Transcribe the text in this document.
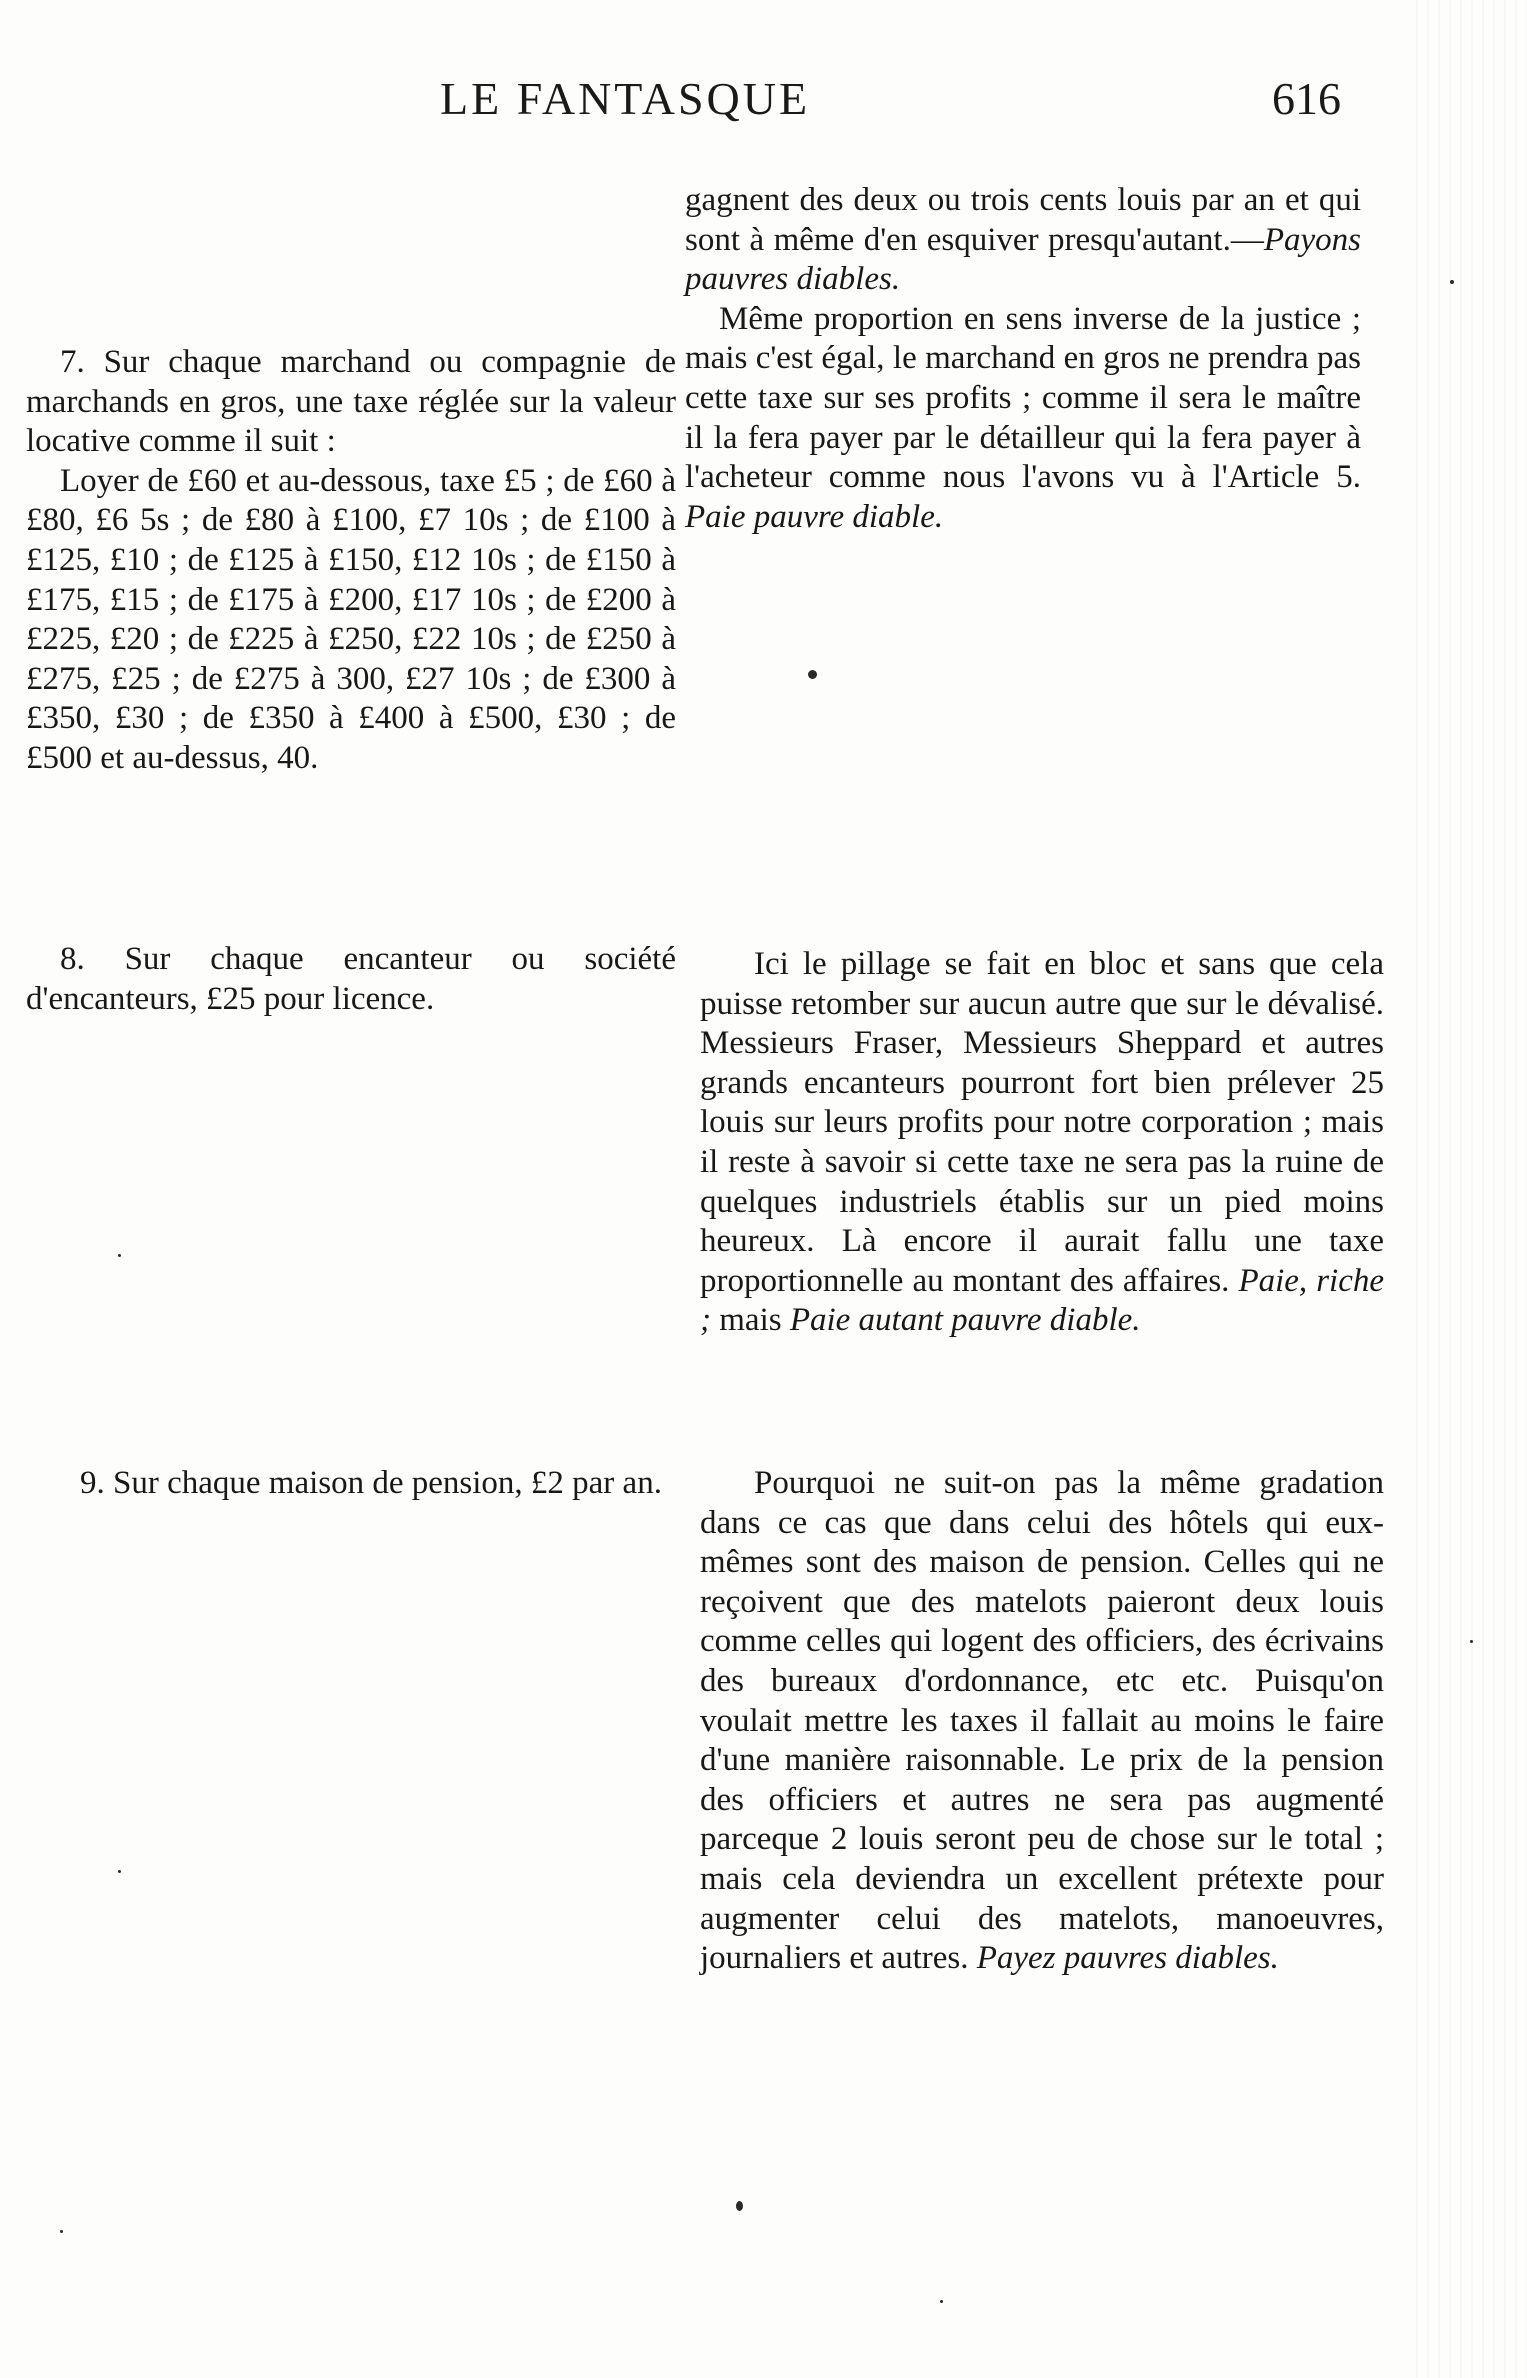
LE FANTASQUE	616

7. Sur chaque marchand ou compagnie de marchands en gros, une taxe réglée sur la valeur locative comme il suit :

Loyer de £60 et au-dessous, taxe £5 ; de £60 à £80, £6 5s ; de £80 à £100, £7 10s ; de £100 à £125, £10 ; de £125 à £150, £12 10s ; de £150 à £175, £15 ; de £175 à £200, £17 10s ; de £200 à £225, £20 ; de £225 à £250, £22 10s ; de £250 à £275, £25 ; de £275 à 300, £27 10s ; de £300 à £350, £30 ; de £350 à £400 à £500, £30 ; de £500 et au-dessus, 40.

8. Sur chaque encanteur ou société d'encanteurs, £25 pour licence.

9. Sur chaque maison de pension, £2 par an.

gagnent des deux ou trois cents louis par an et qui sont à même d'en esquiver presqu'autant.—Payons pauvres diables.

Même proportion en sens inverse de la justice ; mais c'est égal, le marchand en gros ne prendra pas cette taxe sur ses profits ; comme il sera le maître il la fera payer par le détailleur qui la fera payer à l'acheteur comme nous l'avons vu à l'Article 5. Paie pauvre diable.

Ici le pillage se fait en bloc et sans que cela puisse retomber sur aucun autre que sur le dévalisé. Messieurs Fraser, Messieurs Sheppard et autres grands encanteurs pourront fort bien prélever 25 louis sur leurs profits pour notre corporation ; mais il reste à savoir si cette taxe ne sera pas la ruine de quelques industriels établis sur un pied moins heureux. Là encore il aurait fallu une taxe proportionnelle au montant des affaires. Paie, riche ; mais Paie autant pauvre diable.

Pourquoi ne suit-on pas la même gradation dans ce cas que dans celui des hôtels qui eux-mêmes sont des maison de pension. Celles qui ne reçoivent que des matelots paieront deux louis comme celles qui logent des officiers, des écrivains des bureaux d'ordonnance, etc etc. Puisqu'on voulait mettre les taxes il fallait au moins le faire d'une manière raisonnable. Le prix de la pension des officiers et autres ne sera pas augmenté parceque 2 louis seront peu de chose sur le total ; mais cela deviendra un excellent prétexte pour augmenter celui des matelots, manoeuvres, journaliers et autres. Payez pauvres diables.
